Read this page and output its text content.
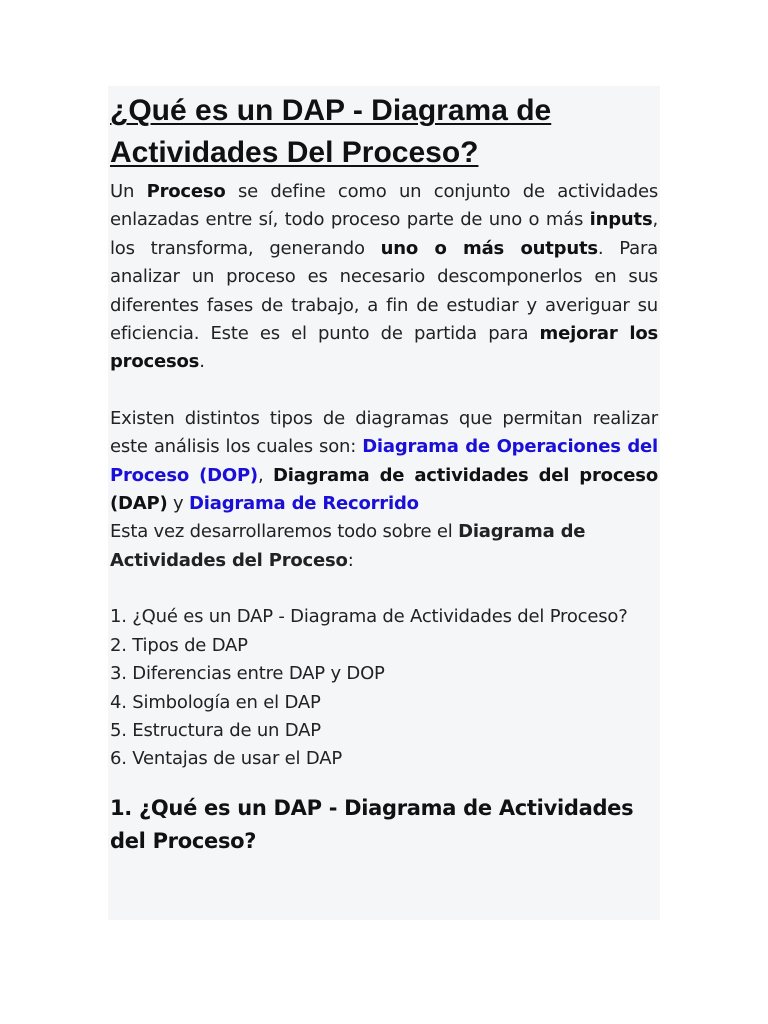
¿Qué es un DAP - Diagrama de Actividades Del Proceso?

Un Proceso se define como un conjunto de actividades enlazadas entre sí, todo proceso parte de uno o más inputs, los transforma, generando uno o más outputs. Para analizar un proceso es necesario descomponerlos en sus diferentes fases de trabajo, a fin de estudiar y averiguar su eficiencia. Este es el punto de partida para mejorar los procesos.

Existen distintos tipos de diagramas que permitan realizar este análisis los cuales son: Diagrama de Operaciones del Proceso (DOP), Diagrama de actividades del proceso (DAP) y Diagrama de Recorrido

Esta vez desarrollaremos todo sobre el Diagrama de Actividades del Proceso:

1. ¿Qué es un DAP - Diagrama de Actividades del Proceso?
2. Tipos de DAP
3. Diferencias entre DAP y DOP
4. Simbología en el DAP
5. Estructura de un DAP
6. Ventajas de usar el DAP
1. ¿Qué es un DAP - Diagrama de Actividades del Proceso?
